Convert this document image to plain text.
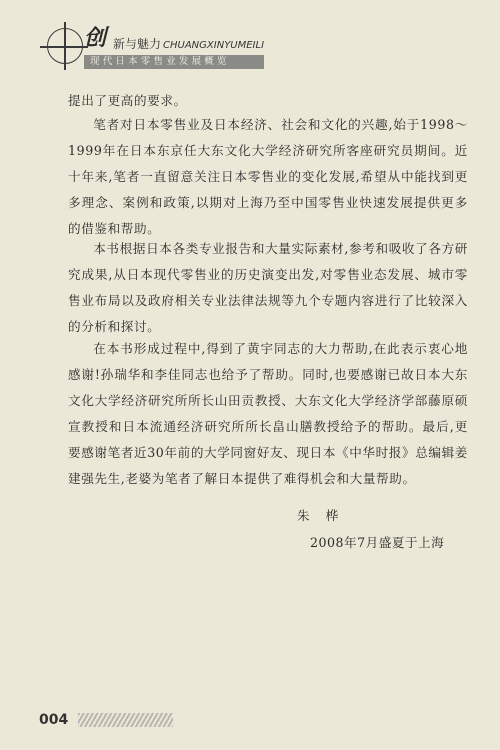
创 新与魅力 CHUANGXINYUMEILI
现代日本零售业发展概览

提出了更高的要求。

笔者对日本零售业及日本经济、社会和文化的兴趣,始于1998～1999年在日本东京任大东文化大学经济研究所客座研究员期间。近十年来,笔者一直留意关注日本零售业的变化发展,希望从中能找到更多理念、案例和政策,以期对上海乃至中国零售业快速发展提供更多的借鉴和帮助。

本书根据日本各类专业报告和大量实际素材,参考和吸收了各方研究成果,从日本现代零售业的历史演变出发,对零售业态发展、城市零售业布局以及政府相关专业法律法规等九个专题内容进行了比较深入的分析和探讨。

在本书形成过程中,得到了黄宇同志的大力帮助,在此表示衷心地感谢!孙瑞华和李佳同志也给予了帮助。同时,也要感谢已故日本大东文化大学经济研究所所长山田贡教授、大东文化大学经济学部藤原硕宣教授和日本流通经济研究所所长畠山膳教授给予的帮助。最后,更要感谢笔者近30年前的大学同窗好友、现日本《中华时报》总编辑姜建强先生,老婆为笔者了解日本提供了难得机会和大量帮助。

朱 桦
2008年7月盛夏于上海
004
